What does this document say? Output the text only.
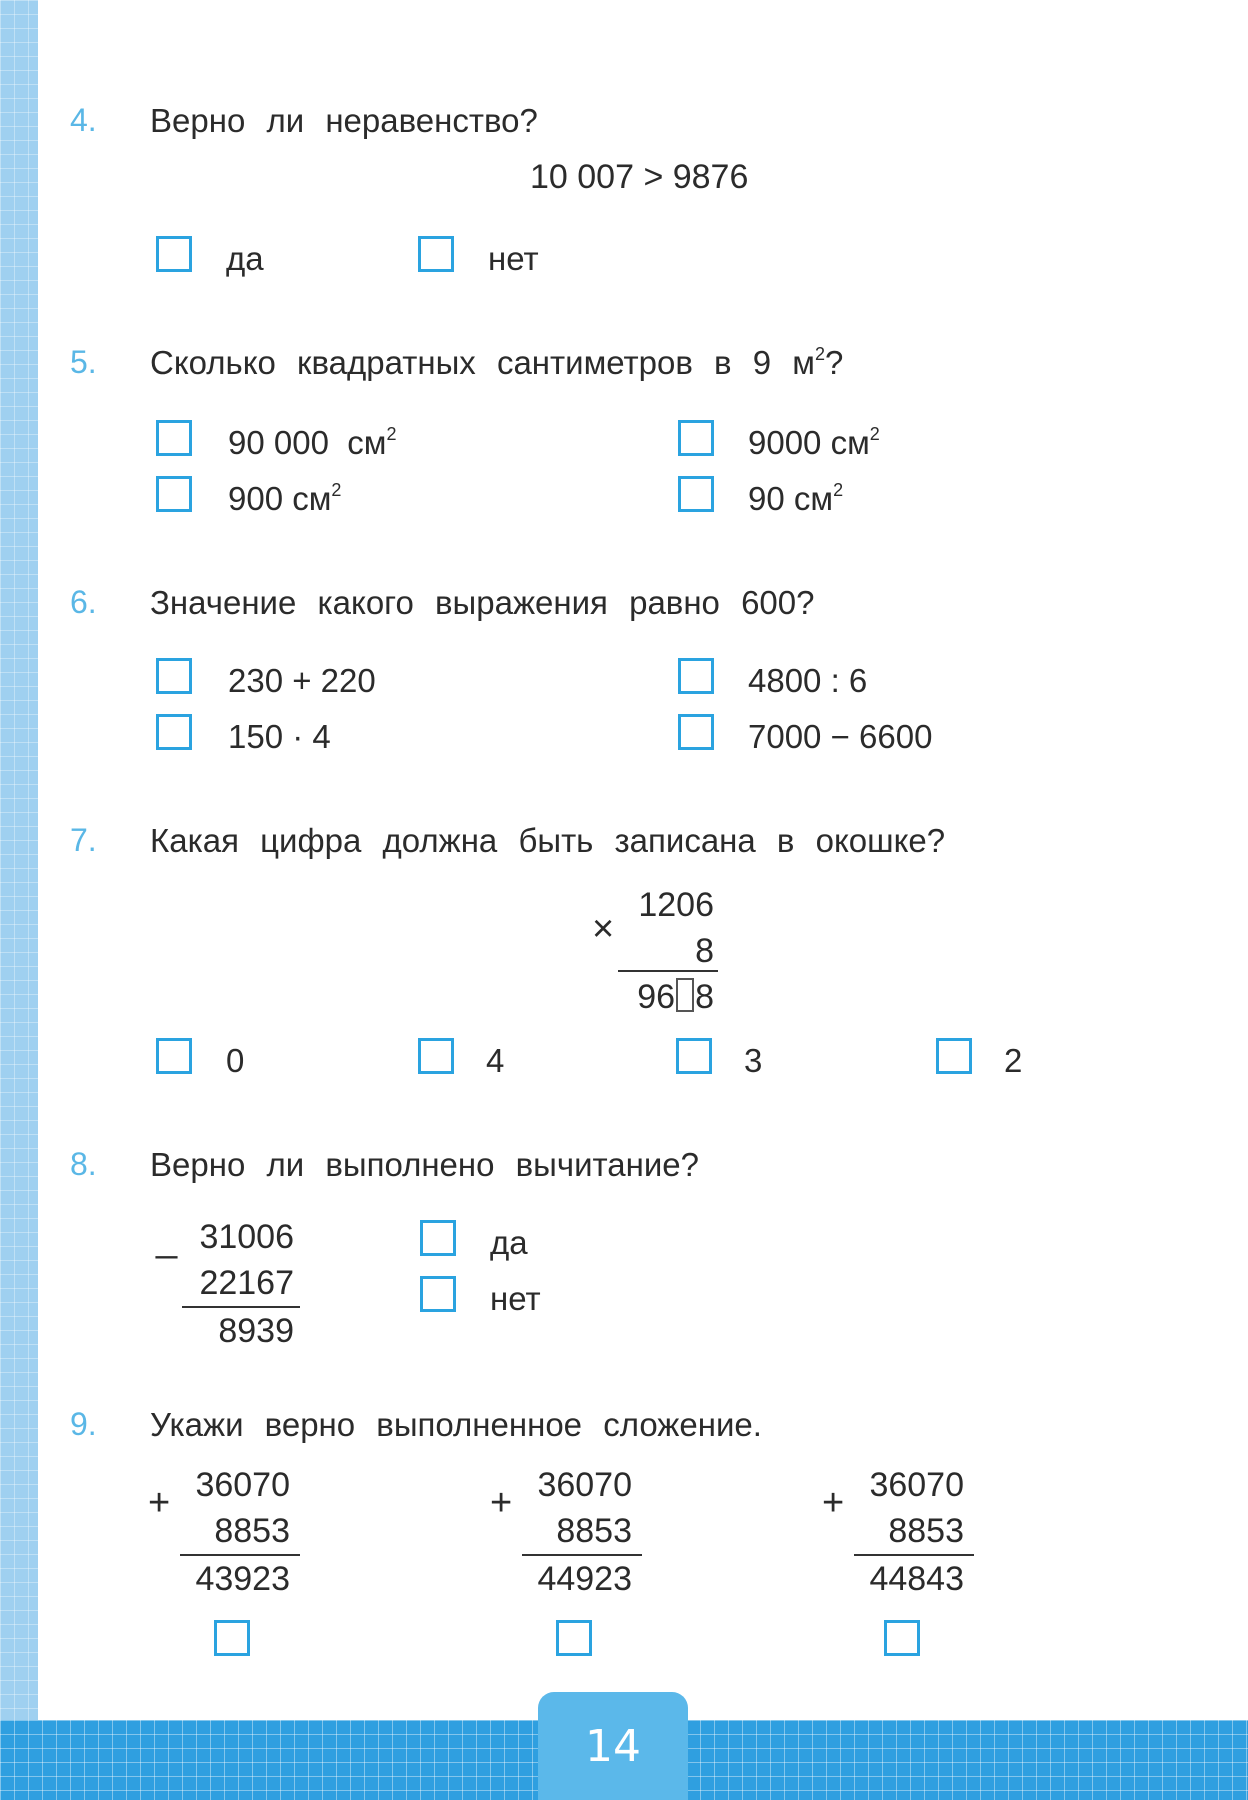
14
4. Верно ли неравенство?
10 007 > 9876
да	нет
5. Сколько квадратных сантиметров в 9 $м^2$?
90 000 $см^2$	9000 $см^2$
900 $см^2$	90 $см^2$
6. Значение какого выражения равно 600?
230 + 220	4800 : 6
150 · 4	7000 − 6600
7. Какая цифра должна быть записана в окошке?
×
1206
8
96 8
0	4	3	2
8. Верно ли выполнено вычитание?
_ 31006
22167
8939
да
нет
9. Укажи верно выполненное сложение.
+ 36070
8853
43923
+ 36070
8853
44923
+ 36070
8853
44843
